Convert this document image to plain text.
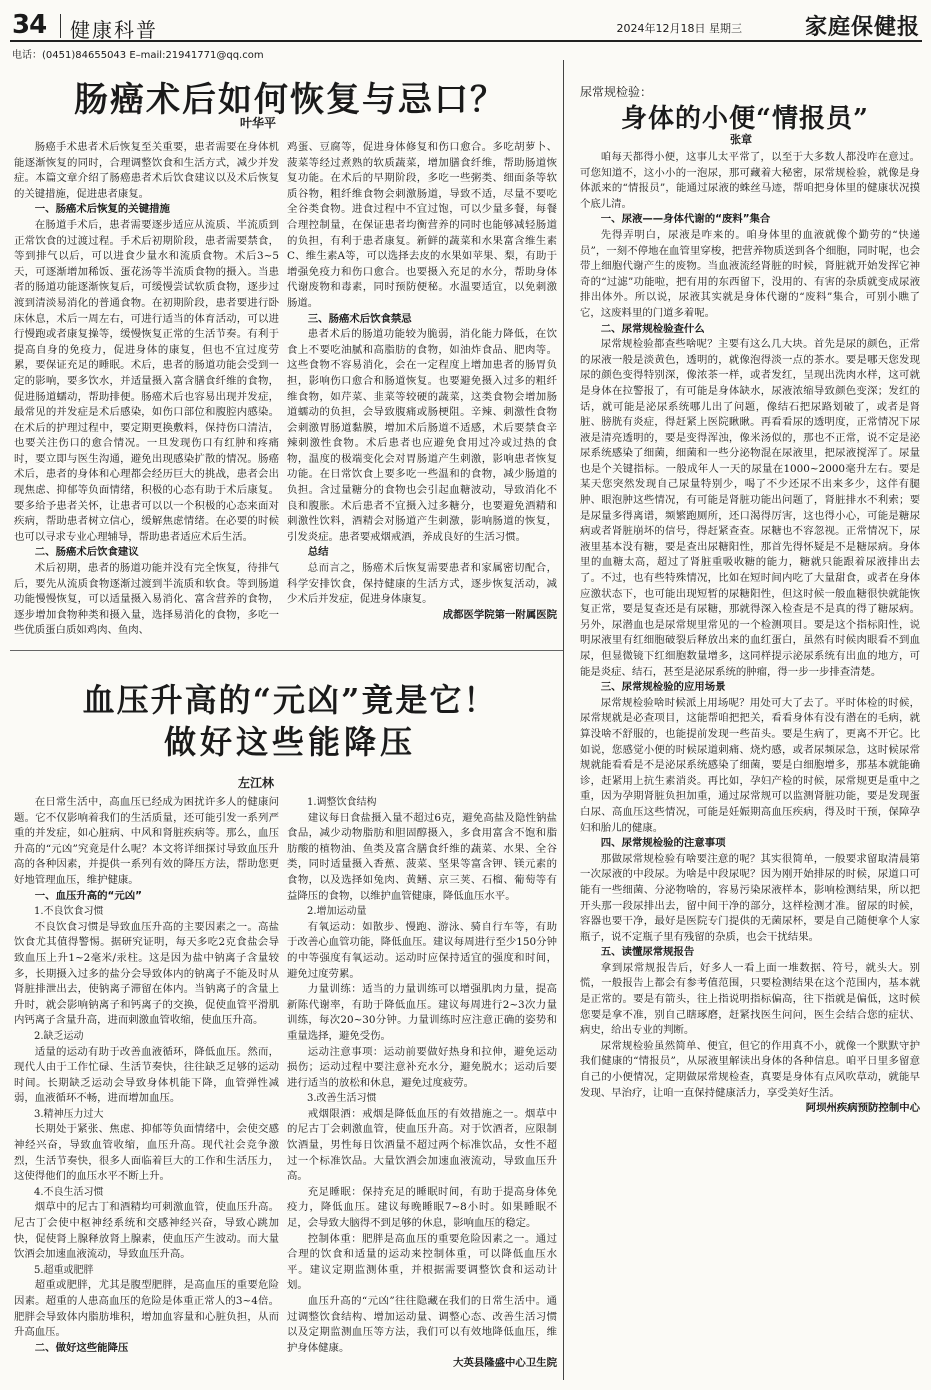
34 健康科普	2024年12月18日 星期三	家庭保健报
电话：(0451)84655043 E–mail:21941771@qq.com
肠癌术后如何恢复与忌口？
叶华平

肠癌手术患者术后恢复至关重要，患者需要在身体机能逐渐恢复的同时，合理调整饮食和生活方式，减少并发症。本篇文章介绍了肠癌患者术后饮食建议以及术后恢复的关键措施，促进患者康复。

一、肠癌术后恢复的关键措施

在肠道手术后，患者需要逐步适应从流质、半流质到正常饮食的过渡过程。手术后初期阶段，患者需要禁食，等到排气以后，可以进食少量水和流质食物。术后3~5天，可逐渐增加稀饭、蛋花汤等半流质食物的摄入。当患者的肠道功能逐渐恢复后，可缓慢尝试软质食物，逐步过渡到清淡易消化的普通食物。在初期阶段，患者要进行卧床休息，术后一周左右，可进行适当的体育活动，可以进行慢跑或者康复操等，缓慢恢复正常的生活节奏。有利于提高自身的免疫力，促进身体的康复，但也不宜过度劳累，要保证充足的睡眠。术后，患者的肠道功能会受到一定的影响，要多饮水，并适量摄入富含膳食纤维的食物，促进肠道蠕动，帮助排便。肠癌术后也容易出现并发症，最常见的并发症是术后感染，如伤口部位和腹腔内感染。在术后的护理过程中，要定期更换敷料，保持伤口清洁，也要关注伤口的愈合情况。一旦发现伤口有红肿和疼痛时，要立即与医生沟通，避免出现感染扩散的情况。肠癌术后，患者的身体和心理都会经历巨大的挑战，患者会出现焦虑、抑郁等负面情绪，积极的心态有助于术后康复。要多给予患者关怀，让患者可以以一个积极的心态来面对疾病，帮助患者树立信心，缓解焦虑情绪。在必要的时候也可以寻求专业心理辅导，帮助患者适应术后生活。

二、肠癌术后饮食建议

术后初期，患者的肠道功能并没有完全恢复，待排气后，要先从流质食物逐渐过渡到半流质和软食。等到肠道功能慢慢恢复，可以适量摄入易消化、富含营养的食物，逐步增加食物种类和摄入量，选择易消化的食物，多吃一些优质蛋白质如鸡肉、鱼肉、

鸡蛋、豆腐等，促进身体修复和伤口愈合。多吃胡萝卜、菠菜等经过煮熟的软质蔬菜，增加膳食纤维，帮助肠道恢复功能。在术后的早期阶段，多吃一些粥类、细面条等软质谷物，粗纤维食物会刺激肠道，导致不适，尽量不要吃全谷类食物。进食过程中不宜过饱，可以少量多餐，每餐合理控制量，在保证患者均衡营养的同时也能够减轻肠道的负担，有利于患者康复。新鲜的蔬菜和水果富含维生素C、维生素A等，可以选择去皮的水果如苹果、梨，有助于增强免疫力和伤口愈合。也要摄入充足的水分，帮助身体代谢废物和毒素，同时预防便秘。水温要适宜，以免刺激肠道。

三、肠癌术后饮食禁忌

患者术后的肠道功能较为脆弱，消化能力降低，在饮食上不要吃油腻和高脂肪的食物，如油炸食品、肥肉等。这些食物不容易消化，会在一定程度上增加患者的肠胃负担，影响伤口愈合和肠道恢复。也要避免摄入过多的粗纤维食物，如芹菜、韭菜等较硬的蔬菜，这类食物会增加肠道蠕动的负担，会导致腹痛或肠梗阻。辛辣、刺激性食物会刺激胃肠道黏膜，增加术后肠道不适感，术后要禁食辛辣刺激性食物。术后患者也应避免食用过冷或过热的食物，温度的极端变化会对胃肠道产生刺激，影响患者恢复功能。在日常饮食上要多吃一些温和的食物，减少肠道的负担。含过量糖分的食物也会引起血糖波动，导致消化不良和腹胀。术后患者不宜摄入过多糖分，也要避免酒精和刺激性饮料，酒精会对肠道产生刺激，影响肠道的恢复，引发炎症。患者要戒烟戒酒，养成良好的生活习惯。

总结

总而言之，肠癌术后恢复需要患者和家属密切配合，科学安排饮食，保持健康的生活方式，逐步恢复活动，减少术后并发症，促进身体康复。

成都医学院第一附属医院

血压升高的“元凶”竟是它！
做好这些能降压
左江林

在日常生活中，高血压已经成为困扰许多人的健康问题。它不仅影响着我们的生活质量，还可能引发一系列严重的并发症，如心脏病、中风和肾脏疾病等。那么，血压升高的“元凶”究竟是什么呢？本文将详细探讨导致血压升高的各种因素，并提供一系列有效的降压方法，帮助您更好地管理血压，维护健康。

一、血压升高的“元凶”

1.不良饮食习惯

不良饮食习惯是导致血压升高的主要因素之一。高盐饮食尤其值得警惕。据研究证明，每天多吃2克食盐会导致血压上升1~2毫米/汞柱。这是因为盐中钠离子含量较多，长期摄入过多的盐分会导致体内的钠离子不能及时从肾脏排泄出去，使钠离子滞留在体内。当钠离子的含量上升时，就会影响钠离子和钙离子的交换，促使血管平滑肌内钙离子含量升高，进而刺激血管收缩，使血压升高。

2.缺乏运动

适量的运动有助于改善血液循环，降低血压。然而，现代人由于工作忙碌、生活节奏快，往往缺乏足够的运动时间。长期缺乏运动会导致身体机能下降，血管弹性减弱，血液循环不畅，进而增加血压。

3.精神压力过大

长期处于紧张、焦虑、抑郁等负面情绪中，会使交感神经兴奋，导致血管收缩，血压升高。现代社会竞争激烈，生活节奏快，很多人面临着巨大的工作和生活压力，这使得他们的血压水平不断上升。

4.不良生活习惯

烟草中的尼古丁和酒精均可刺激血管，使血压升高。尼古丁会使中枢神经系统和交感神经兴奋，导致心跳加快，促使肾上腺释放肾上腺素，使血压产生波动。而大量饮酒会加速血液流动，导致血压升高。

5.超重或肥胖

超重或肥胖，尤其是腹型肥胖，是高血压的重要危险因素。超重的人患高血压的危险是体重正常人的3~4倍。肥胖会导致体内脂肪堆积，增加血容量和心脏负担，从而升高血压。

二、做好这些能降压

1.调整饮食结构

建议每日食盐摄入量不超过6克，避免高盐及隐性钠盐食品，减少动物脂肪和胆固醇摄入，多食用富含不饱和脂肪酸的植物油、鱼类及富含膳食纤维的蔬菜、水果、全谷类，同时适量摄入香蕉、菠菜、坚果等富含钾、镁元素的食物，以及选择如兔肉、黄鳝、京三荚、石榴、葡萄等有益降压的食物，以维护血管健康，降低血压水平。

2.增加运动量

有氧运动：如散步、慢跑、游泳、骑自行车等，有助于改善心血管功能，降低血压。建议每周进行至少150分钟的中等强度有氧运动。运动时应保持适宜的强度和时间，避免过度劳累。

力量训练：适当的力量训练可以增强肌肉力量，提高新陈代谢率，有助于降低血压。建议每周进行2~3次力量训练，每次20~30分钟。力量训练时应注意正确的姿势和重量选择，避免受伤。

运动注意事项：运动前要做好热身和拉伸，避免运动损伤；运动过程中要注意补充水分，避免脱水；运动后要进行适当的放松和休息，避免过度疲劳。

3.改善生活习惯

戒烟限酒：戒烟是降低血压的有效措施之一。烟草中的尼古丁会刺激血管，使血压升高。对于饮酒者，应限制饮酒量，男性每日饮酒量不超过两个标准饮品，女性不超过一个标准饮品。大量饮酒会加速血液流动，导致血压升高。

充足睡眠：保持充足的睡眠时间，有助于提高身体免疫力，降低血压。建议每晚睡眠7~8小时。如果睡眠不足，会导致大脑得不到足够的休息，影响血压的稳定。

控制体重：肥胖是高血压的重要危险因素之一。通过合理的饮食和适量的运动来控制体重，可以降低血压水平。建议定期监测体重，并根据需要调整饮食和运动计划。

血压升高的“元凶”往往隐藏在我们的日常生活中。通过调整饮食结构、增加运动量、调整心态、改善生活习惯以及定期监测血压等方法，我们可以有效地降低血压，维护身体健康。

大英县隆盛中心卫生院

尿常规检验：
身体的小便“情报员”
张章

咱每天都得小便，这事儿太平常了，以至于大多数人都没咋在意过。可您知道不，这小小的一泡尿，那可藏着大秘密，尿常规检验，就像是身体派来的“情报员”，能通过尿液的蛛丝马迹，帮咱把身体里的健康状况摸个底儿清。

一、尿液——身体代谢的“废料”集合

先得弄明白，尿液是咋来的。咱身体里的血液就像个勤劳的“快递员”，一刻不停地在血管里穿梭，把营养物质送到各个细胞，同时呢，也会带上细胞代谢产生的废物。当血液流经肾脏的时候，肾脏就开始发挥它神奇的“过滤”功能啦，把有用的东西留下，没用的、有害的杂质就变成尿液排出体外。所以说，尿液其实就是身体代谢的“废料”集合，可别小瞧了它，这废料里的门道多着呢。

二、尿常规检验查什么

尿常规检验都查些啥呢？主要有这么几大块。首先是尿的颜色，正常的尿液一般是淡黄色，透明的，就像泡得淡一点的茶水。要是哪天您发现尿的颜色变得特别深，像浓茶一样，或者发红，呈现出洗肉水样，这可就是身体在拉警报了，有可能是身体缺水，尿液浓缩导致颜色变深；发红的话，就可能是泌尿系统哪儿出了问题，像结石把尿路划破了，或者是肾脏、膀胱有炎症，得赶紧上医院瞅瞅。再看看尿的透明度，正常情况下尿液是清亮透明的，要是变得浑浊，像米汤似的，那也不正常，说不定是泌尿系统感染了细菌，细菌和一些分泌物混在尿液里，把尿液搅浑了。尿量也是个关键指标。一般成年人一天的尿量在1000~2000毫升左右。要是某天您突然发现自己尿量特别少，喝了不少还尿不出来多少，这伴有腿肿、眼泡肿这些情况，有可能是肾脏功能出问题了，肾脏排水不利索；要是尿量多得离谱，频繁跑厕所，还口渴得厉害，这也得小心，可能是糖尿病或者肾脏崩坏的信号，得赶紧查查。尿糖也不容忽视。正常情况下，尿液里基本没有糖，要是查出尿糖阳性，那首先得怀疑是不是糖尿病。身体里的血糖太高，超过了肾脏重吸收糖的能力，糖就只能跟着尿液排出去了。不过，也有些特殊情况，比如在短时间内吃了大量甜食，或者在身体应激状态下，也可能出现短暂的尿糖阳性，但这时候一般血糖很快就能恢复正常，要是复查还是有尿糖，那就得深入检查是不是真的得了糖尿病。另外，尿潜血也是尿常规里常见的一个检测项目。要是这个指标阳性，说明尿液里有红细胞破裂后释放出来的血红蛋白，虽然有时候肉眼看不到血尿，但显微镜下红细胞数量增多，这同样提示泌尿系统有出血的地方，可能是炎症、结石，甚至是泌尿系统的肿瘤，得一步一步排查清楚。

三、尿常规检验的应用场景

尿常规检验啥时候派上用场呢？用处可大了去了。平时体检的时候，尿常规就是必查项目，这能帮咱把把关，看看身体有没有潜在的毛病，就算没啥不舒服的，也能提前发现一些苗头。要是生病了，更离不开它。比如说，您感觉小便的时候尿道刺痛、烧灼感，或者尿频尿急，这时候尿常规就能看看是不是泌尿系统感染了细菌，要是白细胞增多，那基本就能确诊，赶紧用上抗生素消炎。再比如，孕妇产检的时候，尿常规更是重中之重，因为孕期肾脏负担加重，通过尿常规可以监测肾脏功能，要是发现蛋白尿、高血压这些情况，可能是妊娠期高血压疾病，得及时干预，保障孕妇和胎儿的健康。

四、尿常规检验的注意事项

那做尿常规检验有啥要注意的呢？其实很简单，一般要求留取清晨第一次尿液的中段尿。为啥是中段尿呢？因为刚开始排尿的时候，尿道口可能有一些细菌、分泌物啥的，容易污染尿液样本，影响检测结果，所以把开头那一段尿排出去，留中间干净的部分，这样检测才准。留尿的时候，容器也要干净，最好是医院专门提供的无菌尿杯，要是自己随便拿个人家瓶子，说不定瓶子里有残留的杂质，也会干扰结果。

五、读懂尿常规报告

拿到尿常规报告后，好多人一看上面一堆数据、符号，就头大。别慌，一般报告上都会有参考值范围，只要检测结果在这个范围内，基本就是正常的。要是有箭头，往上指说明指标偏高，往下指就是偏低，这时候您要是拿不准，别自己瞎琢磨，赶紧找医生问问，医生会结合您的症状、病史，给出专业的判断。

尿常规检验虽然简单、便宜，但它的作用真不小，就像一个默默守护我们健康的“情报员”，从尿液里解读出身体的各种信息。咱平日里多留意自己的小便情况，定期做尿常规检查，真要是身体有点风吹草动，就能早发现、早治疗，让咱一直保持健康活力，享受美好生活。

阿坝州疾病预防控制中心
